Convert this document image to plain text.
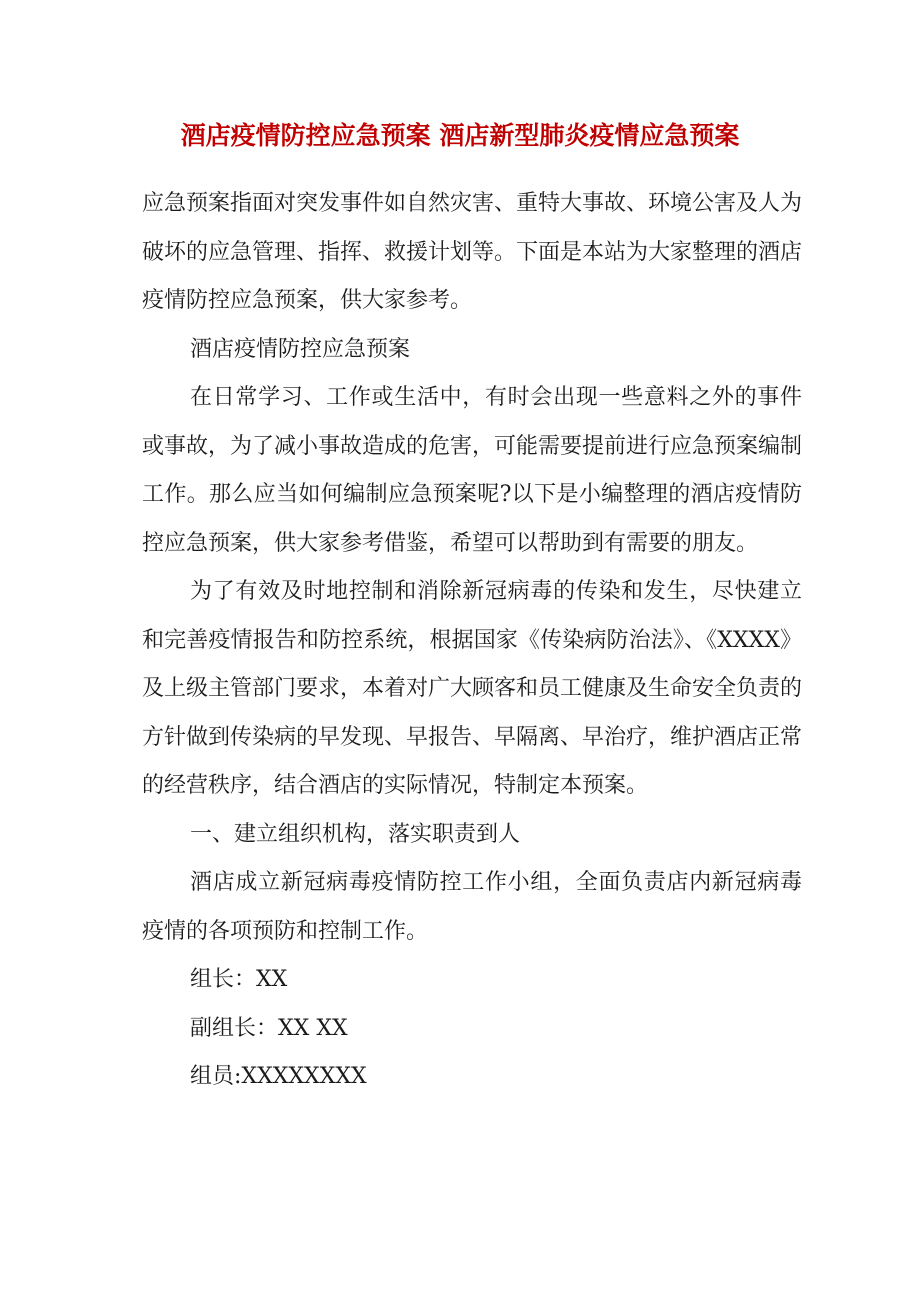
酒店疫情防控应急预案 酒店新型肺炎疫情应急预案

应急预案指面对突发事件如自然灾害、重特大事故、环境公害及人为破坏的应急管理、指挥、救援计划等。下面是本站为大家整理的酒店疫情防控应急预案，供大家参考。

酒店疫情防控应急预案

在日常学习、工作或生活中，有时会出现一些意料之外的事件或事故，为了减小事故造成的危害，可能需要提前进行应急预案编制工作。那么应当如何编制应急预案呢?以下是小编整理的酒店疫情防控应急预案，供大家参考借鉴，希望可以帮助到有需要的朋友。

为了有效及时地控制和消除新冠病毒的传染和发生，尽快建立和完善疫情报告和防控系统，根据国家《传染病防治法》、《XXXX》及上级主管部门要求，本着对广大顾客和员工健康及生命安全负责的方针做到传染病的早发现、早报告、早隔离、早治疗，维护酒店正常的经营秩序，结合酒店的实际情况，特制定本预案。

一、建立组织机构，落实职责到人

酒店成立新冠病毒疫情防控工作小组，全面负责店内新冠病毒疫情的各项预防和控制工作。

组长：XX

副组长：XX XX

组员:XXXXXXXX
